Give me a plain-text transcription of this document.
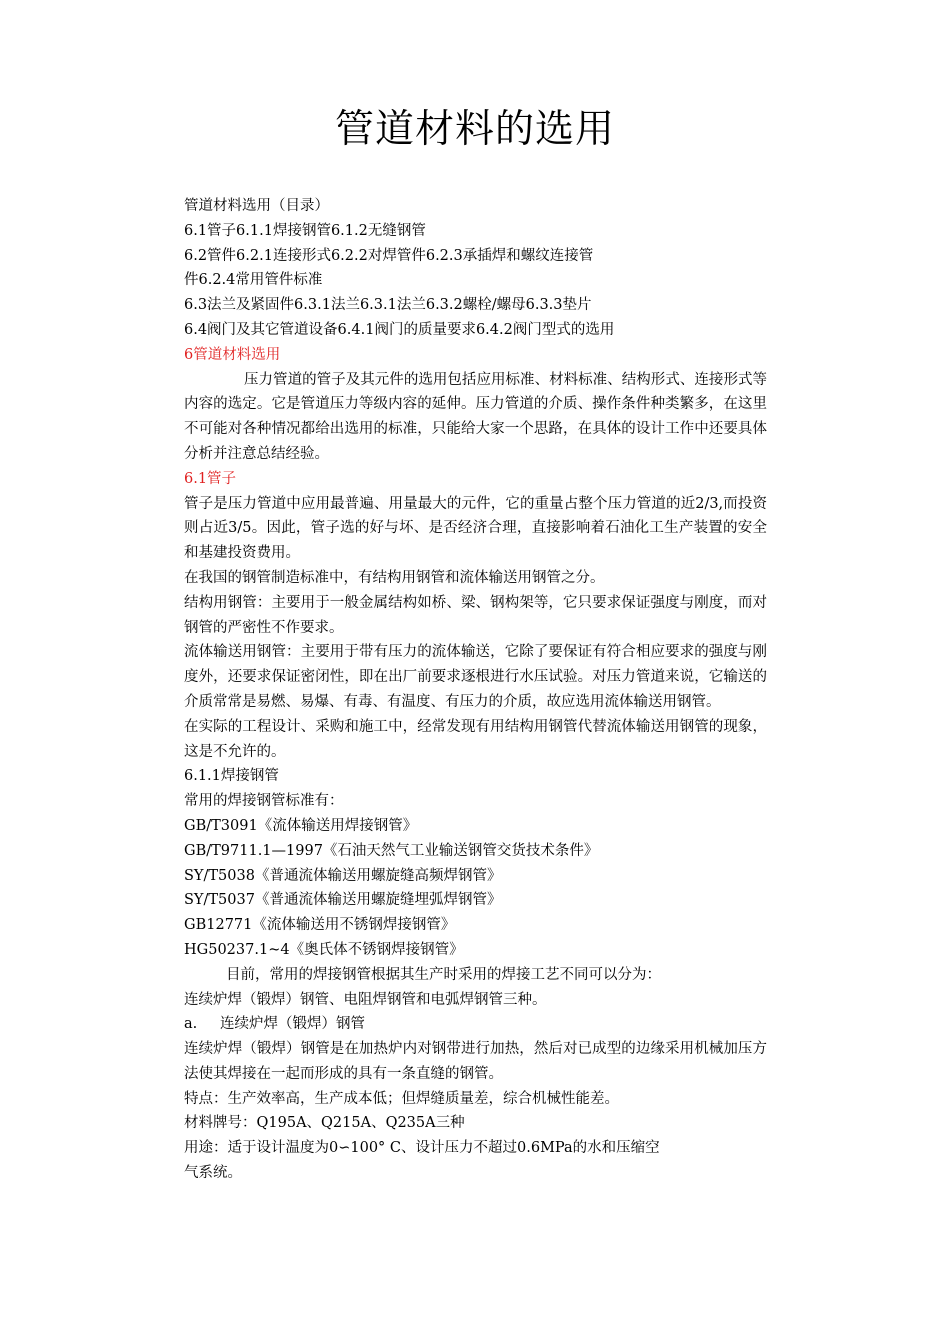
管道材料的选用

管道材料选用（目录）

6.1管子6.1.1焊接钢管6.1.2无缝钢管

6.2管件6.2.1连接形式6.2.2对焊管件6.2.3承插焊和螺纹连接管

件6.2.4常用管件标准

6.3法兰及紧固件6.3.1法兰6.3.1法兰6.3.2螺栓/螺母6.3.3垫片

6.4阀门及其它管道设备6.4.1阀门的质量要求6.4.2阀门型式的选用

6管道材料选用

压力管道的管子及其元件的选用包括应用标准、材料标准、结构形式、连接形式等内容的选定。它是管道压力等级内容的延伸。压力管道的介质、操作条件种类繁多，在这里不可能对各种情况都给出选用的标准，只能给大家一个思路，在具体的设计工作中还要具体分析并注意总结经验。

6.1管子

管子是压力管道中应用最普遍、用量最大的元件，它的重量占整个压力管道的近2/3,而投资则占近3/5。因此，管子选的好与坏、是否经济合理，直接影响着石油化工生产装置的安全和基建投资费用。

在我国的钢管制造标准中，有结构用钢管和流体输送用钢管之分。

结构用钢管：主要用于一般金属结构如桥、梁、钢构架等，它只要求保证强度与刚度，而对钢管的严密性不作要求。

流体输送用钢管：主要用于带有压力的流体输送，它除了要保证有符合相应要求的强度与刚度外，还要求保证密闭性，即在出厂前要求逐根进行水压试验。对压力管道来说，它输送的介质常常是易燃、易爆、有毒、有温度、有压力的介质，故应选用流体输送用钢管。

在实际的工程设计、采购和施工中，经常发现有用结构用钢管代替流体输送用钢管的现象，这是不允许的。

6.1.1焊接钢管

常用的焊接钢管标准有：

GB/T3091《流体输送用焊接钢管》

GB/T9711.1—1997《石油天然气工业输送钢管交货技术条件》

SY/T5038《普通流体输送用螺旋缝高频焊钢管》

SY/T5037《普通流体输送用螺旋缝埋弧焊钢管》

GB12771《流体输送用不锈钢焊接钢管》

HG50237.1~4《奥氏体不锈钢焊接钢管》

目前，常用的焊接钢管根据其生产时采用的焊接工艺不同可以分为：

连续炉焊（锻焊）钢管、电阻焊钢管和电弧焊钢管三种。

a. 连续炉焊（锻焊）钢管

连续炉焊（锻焊）钢管是在加热炉内对钢带进行加热，然后对已成型的边缘采用机械加压方法使其焊接在一起而形成的具有一条直缝的钢管。

特点：生产效率高，生产成本低；但焊缝质量差，综合机械性能差。

材料牌号：Q195A、Q215A、Q235A三种

用途：适于设计温度为0∽100° C、设计压力不超过0.6MPa的水和压缩空

气系统。
